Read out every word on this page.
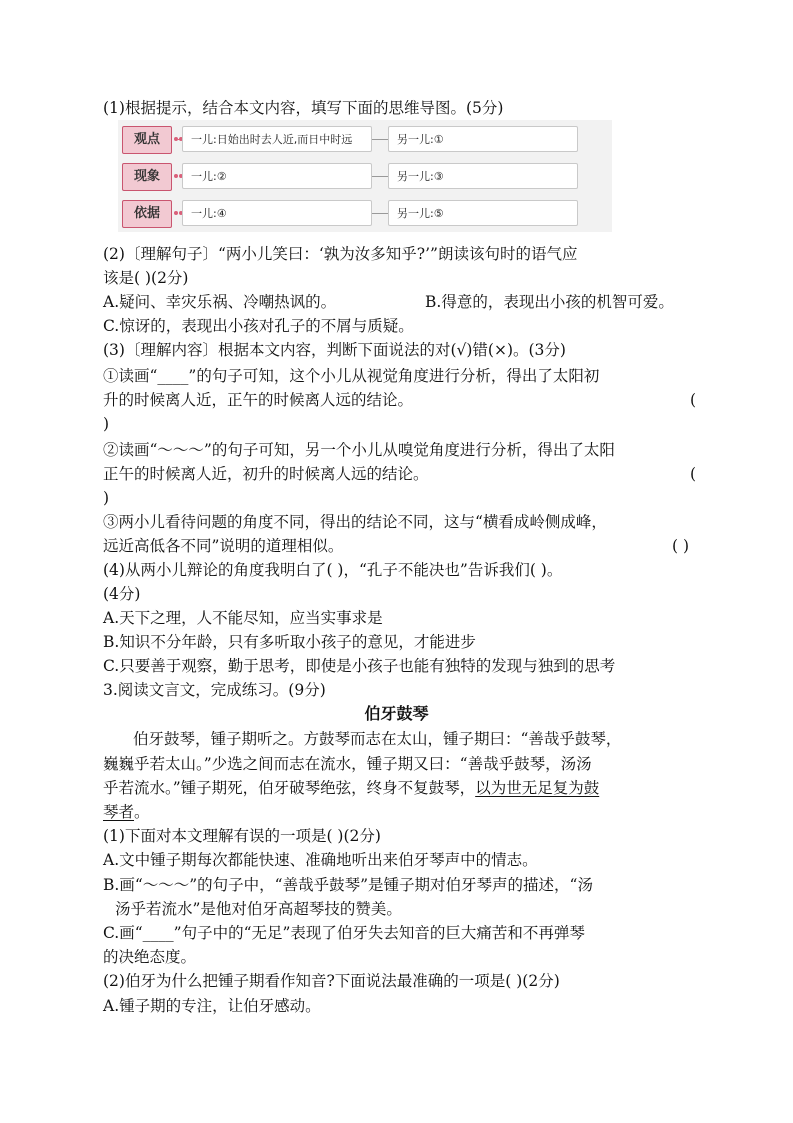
(1)根据提示，结合本文内容，填写下面的思维导图。(5分)
观点	一儿:日始出时去人近,而日中时远	另一儿:①
现象	一儿:②	另一儿:③
依据	一儿:④	另一儿:⑤
(2)〔理解句子〕“两小儿笑曰：‘孰为汝多知乎?’”朗读该句时的语气应
该是( )(2分)
A.疑问、幸灾乐祸、冷嘲热讽的。	B.得意的，表现出小孩的机智可爱。
C.惊讶的，表现出小孩对孔子的不屑与质疑。
(3)〔理解内容〕根据本文内容，判断下面说法的对(√)错(×)。(3分)
①读画“____”的句子可知，这个小儿从视觉角度进行分析，得出了太阳初
升的时候离人近，正午的时候离人远的结论。	(
)
②读画“～～～”的句子可知，另一个小儿从嗅觉角度进行分析，得出了太阳
正午的时候离人近，初升的时候离人远的结论。	(
)
③两小儿看待问题的角度不同，得出的结论不同，这与“横看成岭侧成峰，
远近高低各不同”说明的道理相似。	( )
(4)从两小儿辩论的角度我明白了( )，“孔子不能决也”告诉我们( )。
(4分)
A.天下之理，人不能尽知，应当实事求是
B.知识不分年龄，只有多听取小孩子的意见，才能进步
C.只要善于观察，勤于思考，即使是小孩子也能有独特的发现与独到的思考
3.阅读文言文，完成练习。(9分)
伯牙鼓琴
伯牙鼓琴，锺子期听之。方鼓琴而志在太山，锺子期曰：“善哉乎鼓琴，
巍巍乎若太山。”少选之间而志在流水，锺子期又曰：“善哉乎鼓琴，汤汤
乎若流水。”锺子期死，伯牙破琴绝弦，终身不复鼓琴，以为世无足复为鼓
琴者。
(1)下面对本文理解有误的一项是( )(2分)
A.文中锺子期每次都能快速、准确地听出来伯牙琴声中的情志。
B.画“～～～”的句子中，“善哉乎鼓琴”是锺子期对伯牙琴声的描述，“汤
汤乎若流水”是他对伯牙高超琴技的赞美。
C.画“____”句子中的“无足”表现了伯牙失去知音的巨大痛苦和不再弹琴
的决绝态度。
(2)伯牙为什么把锺子期看作知音?下面说法最准确的一项是( )(2分)
A.锺子期的专注，让伯牙感动。
